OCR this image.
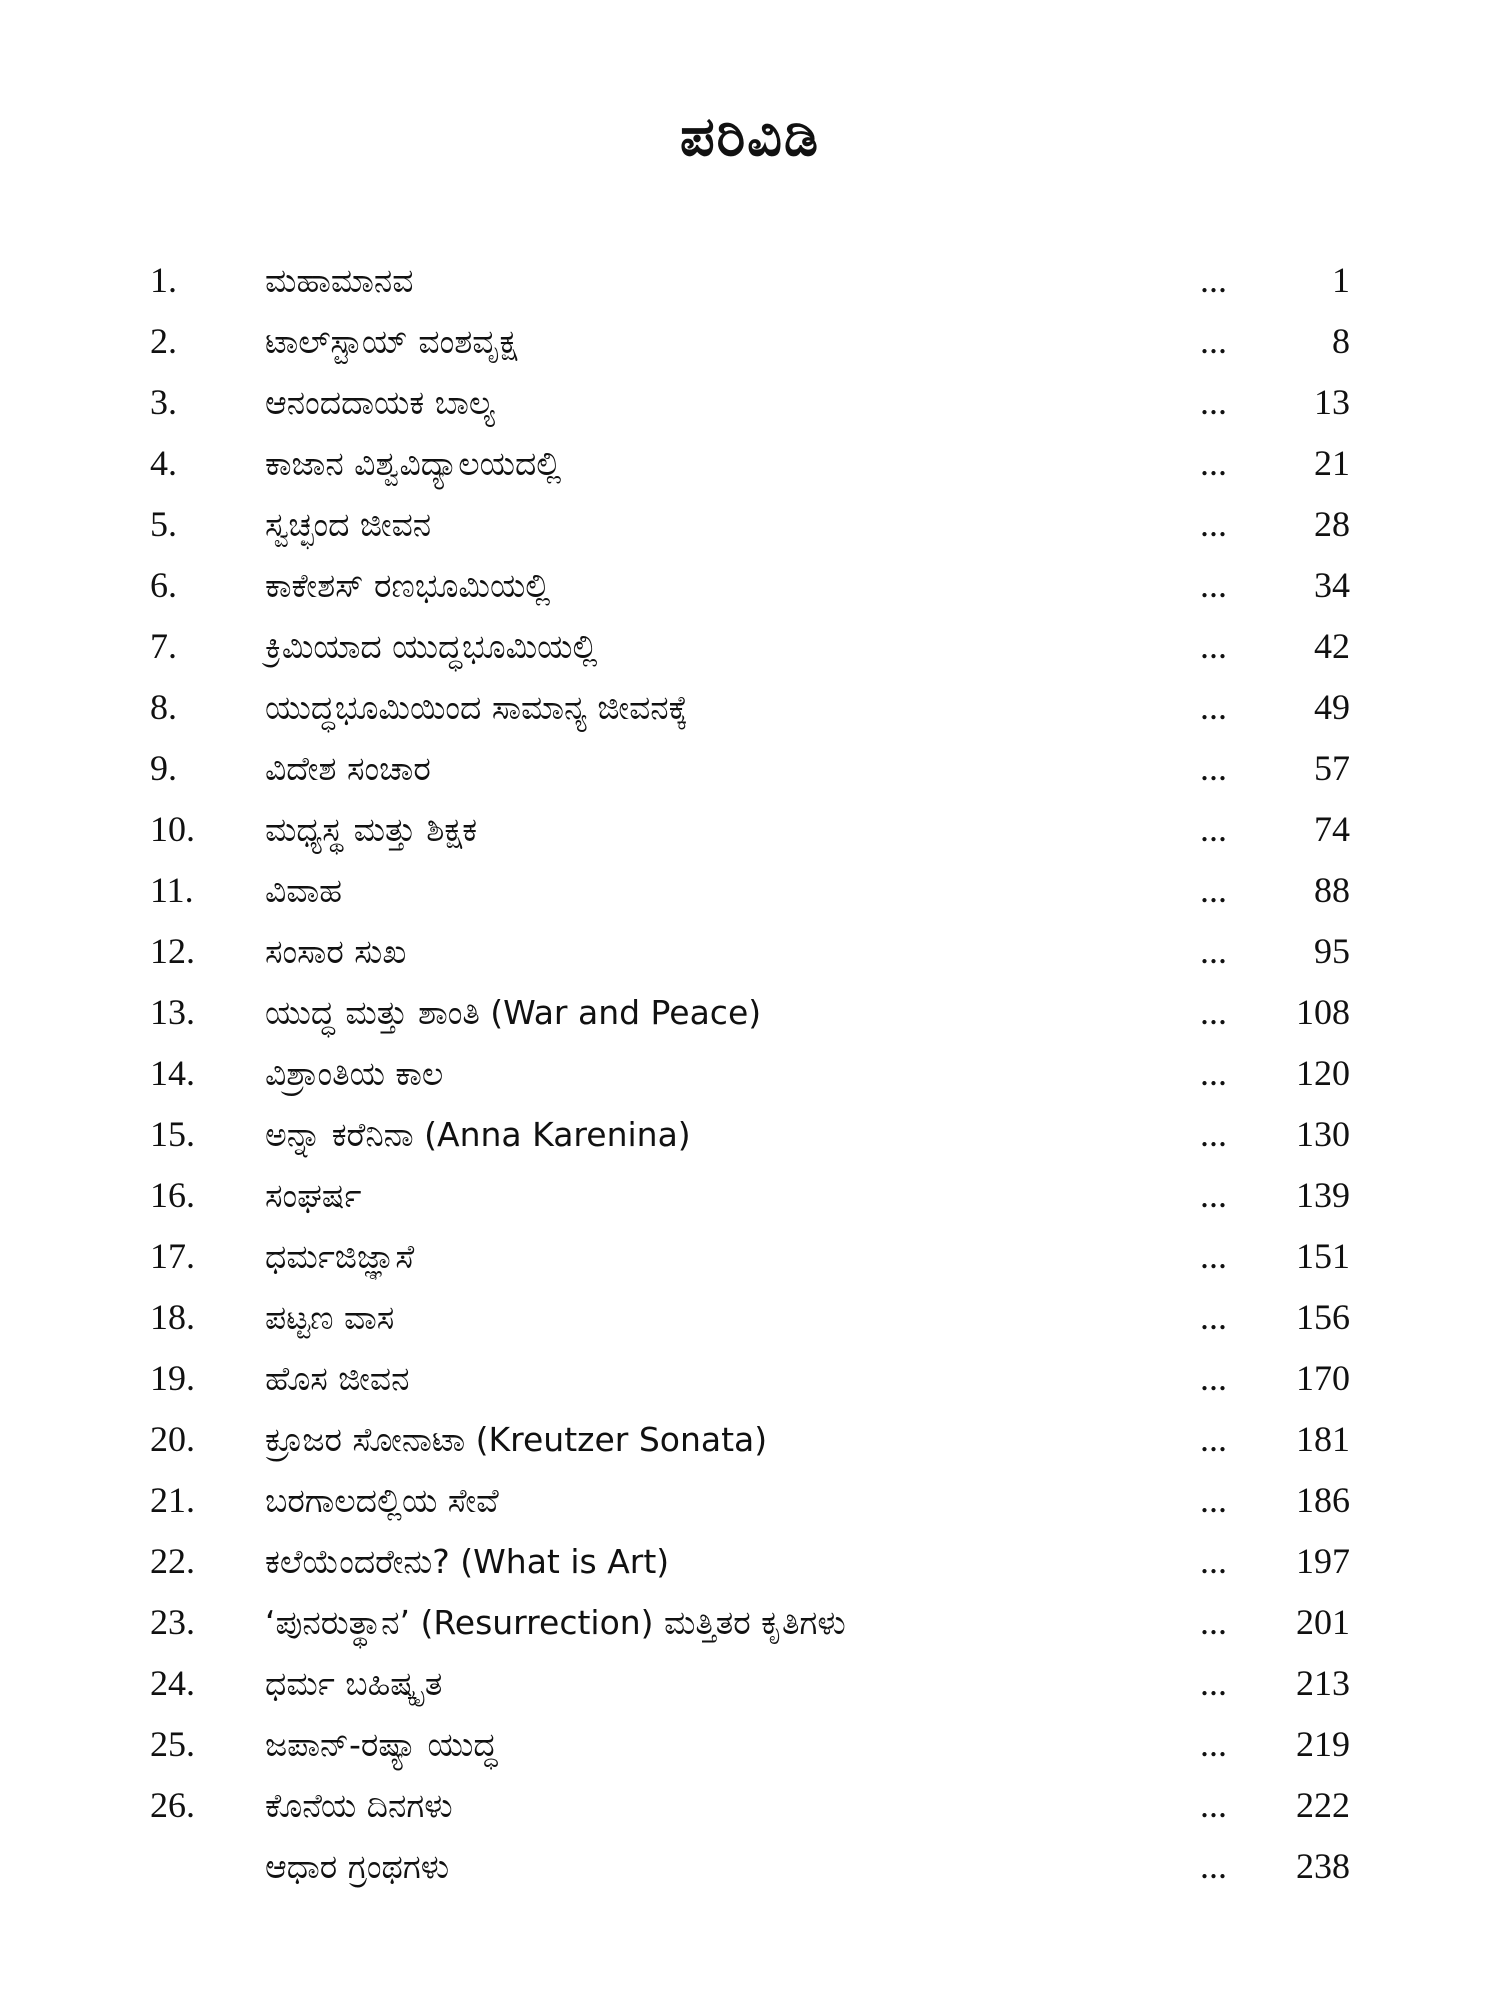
ಪರಿವಿಡಿ
1.	ಮಹಾಮಾನವ	...	1
2.	ಟಾಲ್‌ಸ್ಟಾಯ್ ವಂಶವೃಕ್ಷ	...	8
3.	ಆನಂದದಾಯಕ ಬಾಲ್ಯ	... 13
4.	ಕಾಜಾನ ವಿಶ್ವವಿದ್ಯಾಲಯದಲ್ಲಿ	... 21
5.	ಸ್ವಚ್ಛಂದ ಜೀವನ	... 28
6.	ಕಾಕೇಶಸ್ ರಣಭೂಮಿಯಲ್ಲಿ	... 34
7.	ಕ್ರಿಮಿಯಾದ ಯುದ್ಧಭೂಮಿಯಲ್ಲಿ	... 42
8.	ಯುದ್ಧಭೂಮಿಯಿಂದ ಸಾಮಾನ್ಯ ಜೀವನಕ್ಕೆ	... 49
9.	ವಿದೇಶ ಸಂಚಾರ	... 57
10. ಮಧ್ಯಸ್ಥ ಮತ್ತು ಶಿಕ್ಷಕ	... 74
11. ವಿವಾಹ	... 88
12. ಸಂಸಾರ ಸುಖ	... 95
13. ಯುದ್ಧ ಮತ್ತು ಶಾಂತಿ (War and Peace)	... 108
14. ವಿಶ್ರಾಂತಿಯ ಕಾಲ	... 120
15. ಅನ್ನಾ ಕರೆನಿನಾ (Anna Karenina)	... 130
16. ಸಂಘರ್ಷ	... 139
17. ಧರ್ಮಜಿಜ್ಞಾಸೆ	... 151
18. ಪಟ್ಟಣ ವಾಸ	... 156
19. ಹೊಸ ಜೀವನ	... 170
20. ಕ್ರೂಜರ ಸೋನಾಟಾ (Kreutzer Sonata)	... 181
21. ಬರಗಾಲದಲ್ಲಿಯ ಸೇವೆ	... 186
22. ಕಲೆಯೆಂದರೇನು? (What is Art)	... 197
23. ‘ಪುನರುತ್ಥಾನ’ (Resurrection) ಮತ್ತಿತರ ಕೃತಿಗಳು	... 201
24. ಧರ್ಮ ಬಹಿಷ್ಕೃತ	... 213
25. ಜಪಾನ್-ರಷ್ಯಾ ಯುದ್ಧ	... 219
26. ಕೊನೆಯ ದಿನಗಳು	... 222
ಆಧಾರ ಗ್ರಂಥಗಳು	... 238
